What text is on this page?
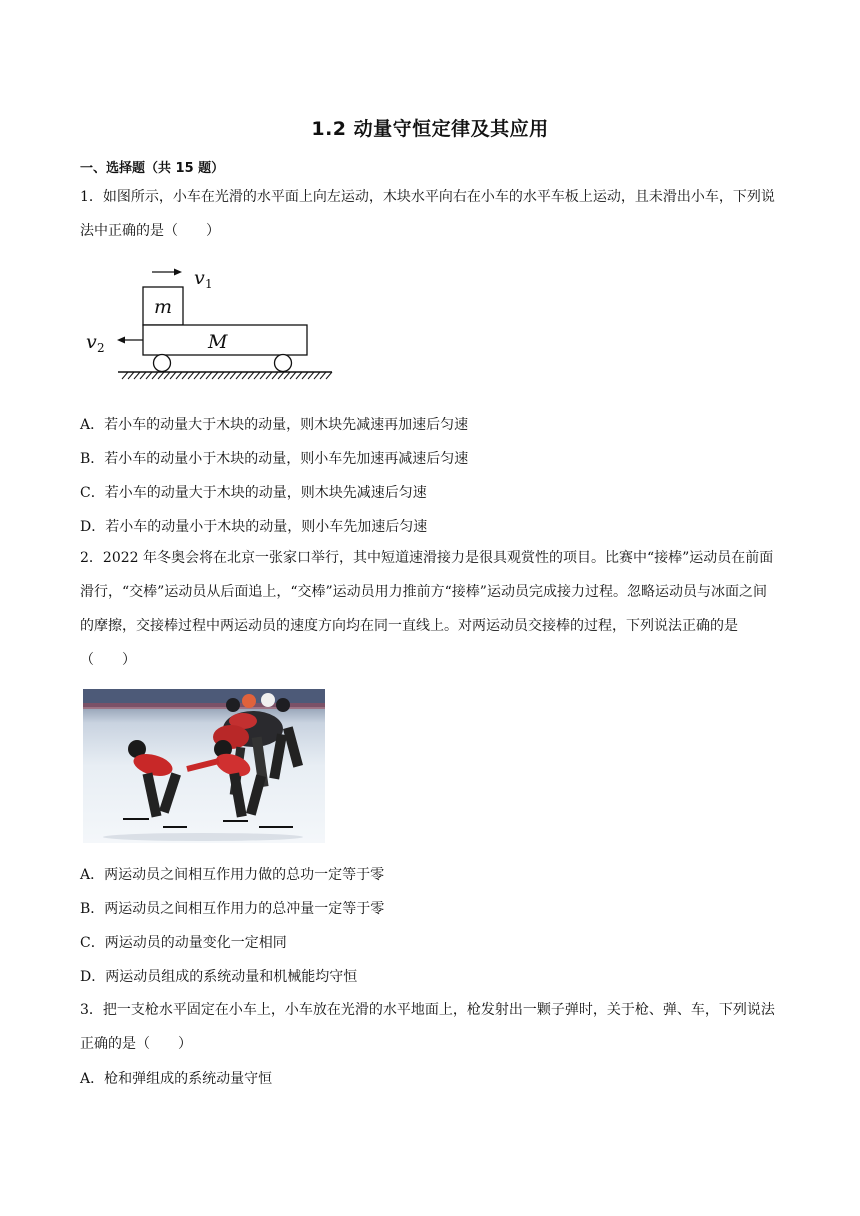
1.2 动量守恒定律及其应用
一、选择题（共 15 题）

1．如图所示，小车在光滑的水平面上向左运动，木块水平向右在小车的水平车板上运动，且未滑出小车，下列说法中正确的是（　　）

v 1
m
M
v 2
A．若小车的动量大于木块的动量，则木块先减速再加速后匀速
B．若小车的动量小于木块的动量，则小车先加速再减速后匀速
C．若小车的动量大于木块的动量，则木块先减速后匀速
D．若小车的动量小于木块的动量，则小车先加速后匀速

2．2022 年冬奥会将在北京一张家口举行，其中短道速滑接力是很具观赏性的项目。比赛中“接棒”运动员在前面滑行，“交棒”运动员从后面追上，“交棒”运动员用力推前方“接棒”运动员完成接力过程。忽略运动员与冰面之间的摩擦，交接棒过程中两运动员的速度方向均在同一直线上。对两运动员交接棒的过程，下列说法正确的是（　　）

A．两运动员之间相互作用力做的总功一定等于零
B．两运动员之间相互作用力的总冲量一定等于零
C．两运动员的动量变化一定相同
D．两运动员组成的系统动量和机械能均守恒

3．把一支枪水平固定在小车上，小车放在光滑的水平地面上，枪发射出一颗子弹时，关于枪、弹、车，下列说法正确的是（　　）

A．枪和弹组成的系统动量守恒
